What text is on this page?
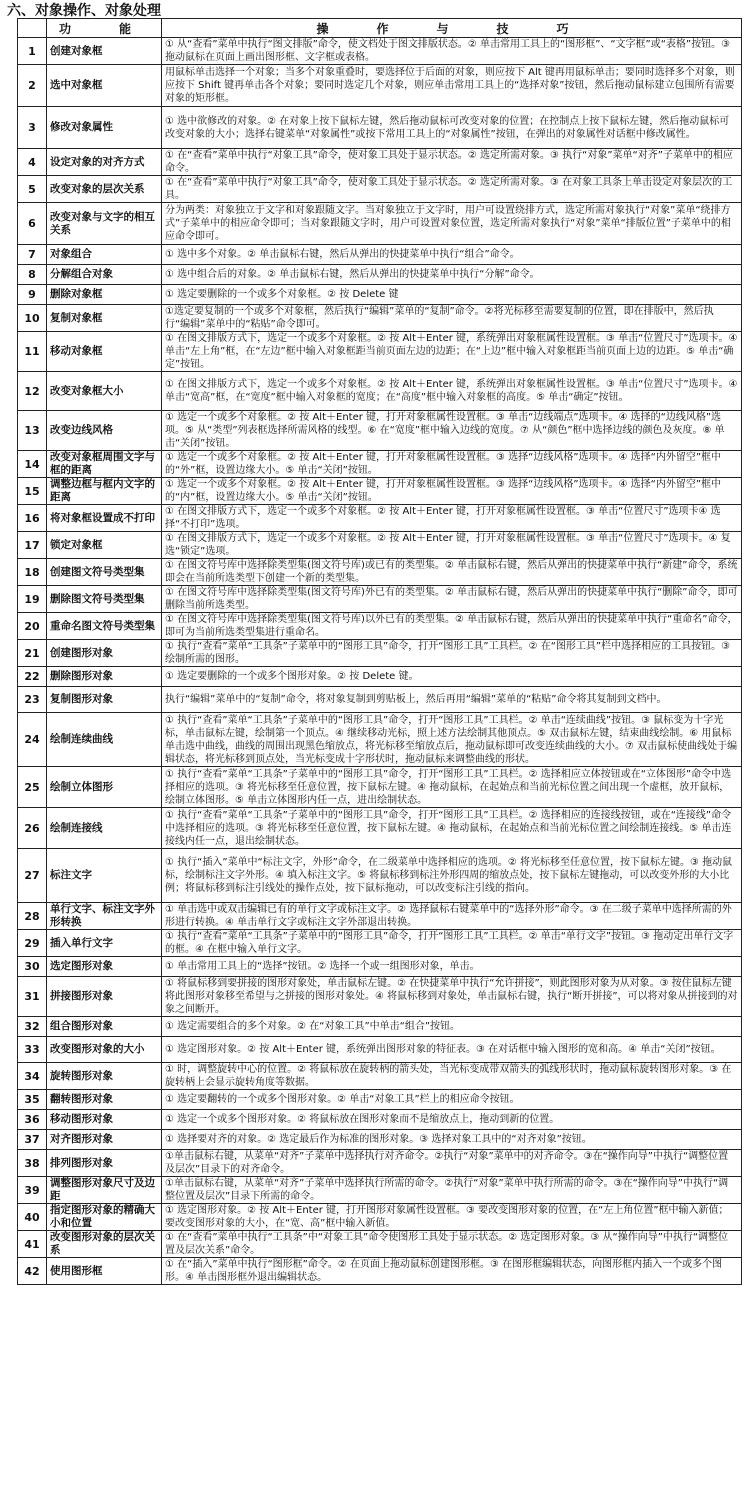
六、对象操作、对象处理
	功　能	操　作　与　技　巧
1	创建对象框	① 从“查看”菜单中执行“图文排版”命令，使文档处于图文排版状态。② 单击常用工具上的“图形框”、“文字框”或“表格”按钮。③ 拖动鼠标在页面上画出图形框、文字框或表格。
2	选中对象框	用鼠标单击选择一个对象；当多个对象重叠时，要选择位于后面的对象，则应按下 Alt 键再用鼠标单击；要同时选择多个对象，则应按下 Shift 键再单击各个对象；要同时选定几个对象，则应单击常用工具上的“选择对象”按钮，然后拖动鼠标建立包围所有需要对象的矩形框。
3	修改对象属性	① 选中欲修改的对象。② 在对象上按下鼠标左键，然后拖动鼠标可改变对象的位置；在控制点上按下鼠标左键，然后拖动鼠标可改变对象的大小；选择右键菜单“对象属性”或按下常用工具上的“对象属性”按钮，在弹出的对象属性对话框中修改属性。
4	设定对象的对齐方式	① 在“查看”菜单中执行“对象工具”命令，使对象工具处于显示状态。② 选定所需对象。③ 执行“对象”菜单“对齐”子菜单中的相应命令。
5	改变对象的层次关系	① 在“查看”菜单中执行“对象工具”命令，使对象工具处于显示状态。② 选定所需对象。③ 在对象工具条上单击设定对象层次的工具。
6	改变对象与文字的相互关系	分为两类：对象独立于文字和对象跟随文字。当对象独立于文字时，用户可设置绕排方式，选定所需对象执行“对象”菜单“绕排方式”子菜单中的相应命令即可；当对象跟随文字时，用户可设置对象位置，选定所需对象执行“对象”菜单“排版位置”子菜单中的相应命令即可。
7	对象组合	① 选中多个对象。② 单击鼠标右键，然后从弹出的快捷菜单中执行“组合”命令。
8	分解组合对象	① 选中组合后的对象。② 单击鼠标右键，然后从弹出的快捷菜单中执行“分解”命令。
9	删除对象框	① 选定要删除的一个或多个对象框。② 按 Delete 键
10	复制对象框	①选定要复制的一个或多个对象框，然后执行“编辑”菜单的“复制”命令。②将光标移至需要复制的位置，即在排版中，然后执行“编辑”菜单中的“粘贴”命令即可。
11	移动对象框	① 在图文排版方式下，选定一个或多个对象框。② 按 Alt＋Enter 键，系统弹出对象框属性设置框。③ 单击“位置尺寸”选项卡。④ 单击“左上角”框，在“左边”框中输入对象框距当前页面左边的边距；在“上边”框中输入对象框距当前页面上边的边距。⑤ 单击“确定”按钮。
12	改变对象框大小	① 在图文排版方式下，选定一个或多个对象框。② 按 Alt＋Enter 键，系统弹出对象框属性设置框。③ 单击“位置尺寸”选项卡。④ 单击“宽高”框，在“宽度”框中输入对象框的宽度；在“高度”框中输入对象框的高度。⑤ 单击“确定”按钮。
13	改变边线风格	① 选定一个或多个对象框。② 按 Alt＋Enter 键，打开对象框属性设置框。③ 单击“边线端点”选项卡。④ 选择的“边线风格”选项。⑤ 从“类型”列表框选择所需风格的线型。⑥ 在“宽度”框中输入边线的宽度。⑦ 从“颜色”框中选择边线的颜色及灰度。⑧ 单击“关闭”按钮。
14	改变对象框周围文字与框的距离	① 选定一个或多个对象框。② 按 Alt＋Enter 键，打开对象框属性设置框。③ 选择“边线风格”选项卡。④ 选择“内外留空”框中的“外”框，设置边缘大小。⑤ 单击“关闭”按钮。
15	调整边框与框内文字的距离	① 选定一个或多个对象框。② 按 Alt＋Enter 键，打开对象框属性设置框。③ 选择“边线风格”选项卡。④ 选择“内外留空”框中的“内”框，设置边缘大小。⑤ 单击“关闭”按钮。
16	将对象框设置成不打印	① 在图文排版方式下，选定一个或多个对象框。② 按 Alt＋Enter 键，打开对象框属性设置框。③ 单击“位置尺寸”选项卡④ 选择“不打印”选项。
17	锁定对象框	① 在图文排版方式下，选定一个或多个对象框。② 按 Alt＋Enter 键，打开对象框属性设置框。③ 单击“位置尺寸”选项卡。④ 复选“锁定”选项。
18	创建图文符号类型集	① 在图文符号库中选择除类型集(图文符号库)或已有的类型集。② 单击鼠标右键，然后从弹出的快捷菜单中执行“新建”命令，系统即会在当前所选类型下创建一个新的类型集。
19	删除图文符号类型集	① 在图文符号库中选择除类型集(图文符号库)外已有的类型集。② 单击鼠标右键，然后从弹出的快捷菜单中执行“删除”命令，即可删除当前所选类型。
20	重命名图文符号类型集	① 在图文符号库中选择除类型集(图文符号库)以外已有的类型集。② 单击鼠标右键，然后从弹出的快捷菜单中执行“重命名”命令，即可为当前所选类型集进行重命名。
21	创建图形对象	① 执行“查看”菜单“工具条”子菜单中的“图形工具”命令，打开“图形工具”工具栏。② 在“图形工具”栏中选择相应的工具按钮。③ 绘制所需的图形。
22	删除图形对象	① 选定要删除的一个或多个图形对象。② 按 Delete 键。
23	复制图形对象	执行“编辑”菜单中的“复制”命令，将对象复制到剪贴板上，然后再用“编辑”菜单的“粘贴”命令将其复制到文档中。
24	绘制连续曲线	① 执行“查看”菜单“工具条”子菜单中的“图形工具”命令，打开“图形工具”工具栏。② 单击“连续曲线”按钮。③ 鼠标变为十字光标，单击鼠标左键，绘制第一个顶点。④ 继续移动光标，照上述方法绘制其他顶点。⑤ 双击鼠标左键，结束曲线绘制。⑥ 用鼠标单击选中曲线，曲线的周围出现黑色缩放点，将光标移至缩放点后，拖动鼠标即可改变连续曲线的大小。⑦ 双击鼠标使曲线处于编辑状态，将光标移到顶点处，当光标变成十字形状时，拖动鼠标来调整曲线的形状。
25	绘制立体图形	① 执行“查看”菜单“工具条”子菜单中的“图形工具”命令，打开“图形工具”工具栏。② 选择相应立体按钮或在“立体图形”命令中选择相应的选项。③ 将光标移至任意位置，按下鼠标左键。④ 拖动鼠标，在起始点和当前光标位置之间出现一个虚框，放开鼠标，绘制立体图形。⑤ 单击立体图形内任一点，进出绘制状态。
26	绘制连接线	① 执行“查看”菜单“工具条”子菜单中的“图形工具”命令，打开“图形工具”工具栏。② 选择相应的连接线按钮，或在“连接线”命令中选择相应的选项。③ 将光标移至任意位置，按下鼠标左键。④ 拖动鼠标，在起始点和当前光标位置之间绘制连接线。⑤ 单击连接线内任一点，退出绘制状态。
27	标注文字	① 执行“插入”菜单中“标注文字，外形”命令，在二级菜单中选择相应的选项。② 将光标移至任意位置，按下鼠标左键。③ 拖动鼠标，绘制标注文字外形。④ 填入标注文字。⑤ 将鼠标移到标注外形四周的缩放点处，按下鼠标左键拖动，可以改变外形的大小比例；将鼠标移到标注引线处的操作点处，按下鼠标拖动，可以改变标注引线的指向。
28	单行文字、标注文字外形转换	① 单击选中或双击编辑已有的单行文字或标注文字。② 选择鼠标右键菜单中的“选择外形”命令。③ 在二级子菜单中选择所需的外形进行转换。④ 单击单行文字或标注文字外部退出转换。
29	插入单行文字	① 执行“查看”菜单“工具条”子菜单中的“图形工具”命令，打开“图形工具”工具栏。② 单击“单行文字”按钮。③ 拖动定出单行文字的框。④ 在框中输入单行文字。
30	选定图形对象	① 单击常用工具上的“选择”按钮。② 选择一个或一组图形对象，单击。
31	拼接图形对象	① 将鼠标移到要拼接的图形对象处，单击鼠标左键。② 在快捷菜单中执行“允许拼接”，则此图形对象为从对象。③ 按住鼠标左键将此图形对象移至希望与之拼接的图形对象处。④ 将鼠标移到对象处，单击鼠标右键，执行“断开拼接”，可以将对象从拼接到的对象之间断开。
32	组合图形对象	① 选定需要组合的多个对象。② 在“对象工具”中单击“组合”按钮。
33	改变图形对象的大小	① 选定图形对象。② 按 Alt＋Enter 键，系统弹出图形对象的特征表。③ 在对话框中输入图形的宽和高。④ 单击“关闭”按钮。
34	旋转图形对象	① 时，调整旋转中心的位置。② 将鼠标放在旋转柄的箭头处，当光标变成带双箭头的弧线形状时，拖动鼠标旋转图形对象。③ 在旋转柄上会显示旋转角度等数据。
35	翻转图形对象	① 选定要翻转的一个或多个图形对象。② 单击“对象工具”栏上的相应命令按钮。
36	移动图形对象	① 选定一个或多个图形对象。② 将鼠标放在图形对象而不是缩放点上，拖动到新的位置。
37	对齐图形对象	① 选择要对齐的对象。② 选定最后作为标准的图形对象。③ 选择对象工具中的“对齐对象”按钮。
38	排列图形对象	①单击鼠标右键，从菜单“对齐”子菜单中选择执行对齐命令。②执行“对象”菜单中的对齐命令。③在“操作向导”中执行“调整位置及层次”目录下的对齐命令。
39	调整图形对象尺寸及边距	①单击鼠标右键，从菜单“对齐”子菜单中选择执行所需的命令。②执行“对象”菜单中执行所需的命令。③在“操作向导”中执行“调整位置及层次”目录下所需的命令。
40	指定图形对象的精确大小和位置	① 选定图形对象。② 按 Alt＋Enter 键，打开图形对象属性设置框。③ 要改变图形对象的位置，在“左上角位置”框中输入新值；要改变图形对象的大小，在“宽、高”框中输入新值。
41	改变图形对象的层次关系	① 在“查看”菜单中执行“工具条”中“对象工具”命令使图形工具处于显示状态。② 选定图形对象。③ 从“操作向导”中执行“调整位置及层次关系”命令。
42	使用图形框	① 在“插入”菜单中执行“图形框”命令。② 在页面上拖动鼠标创建图形框。③ 在图形框编辑状态，向图形框内插入一个或多个图形。④ 单击图形框外退出编辑状态。
